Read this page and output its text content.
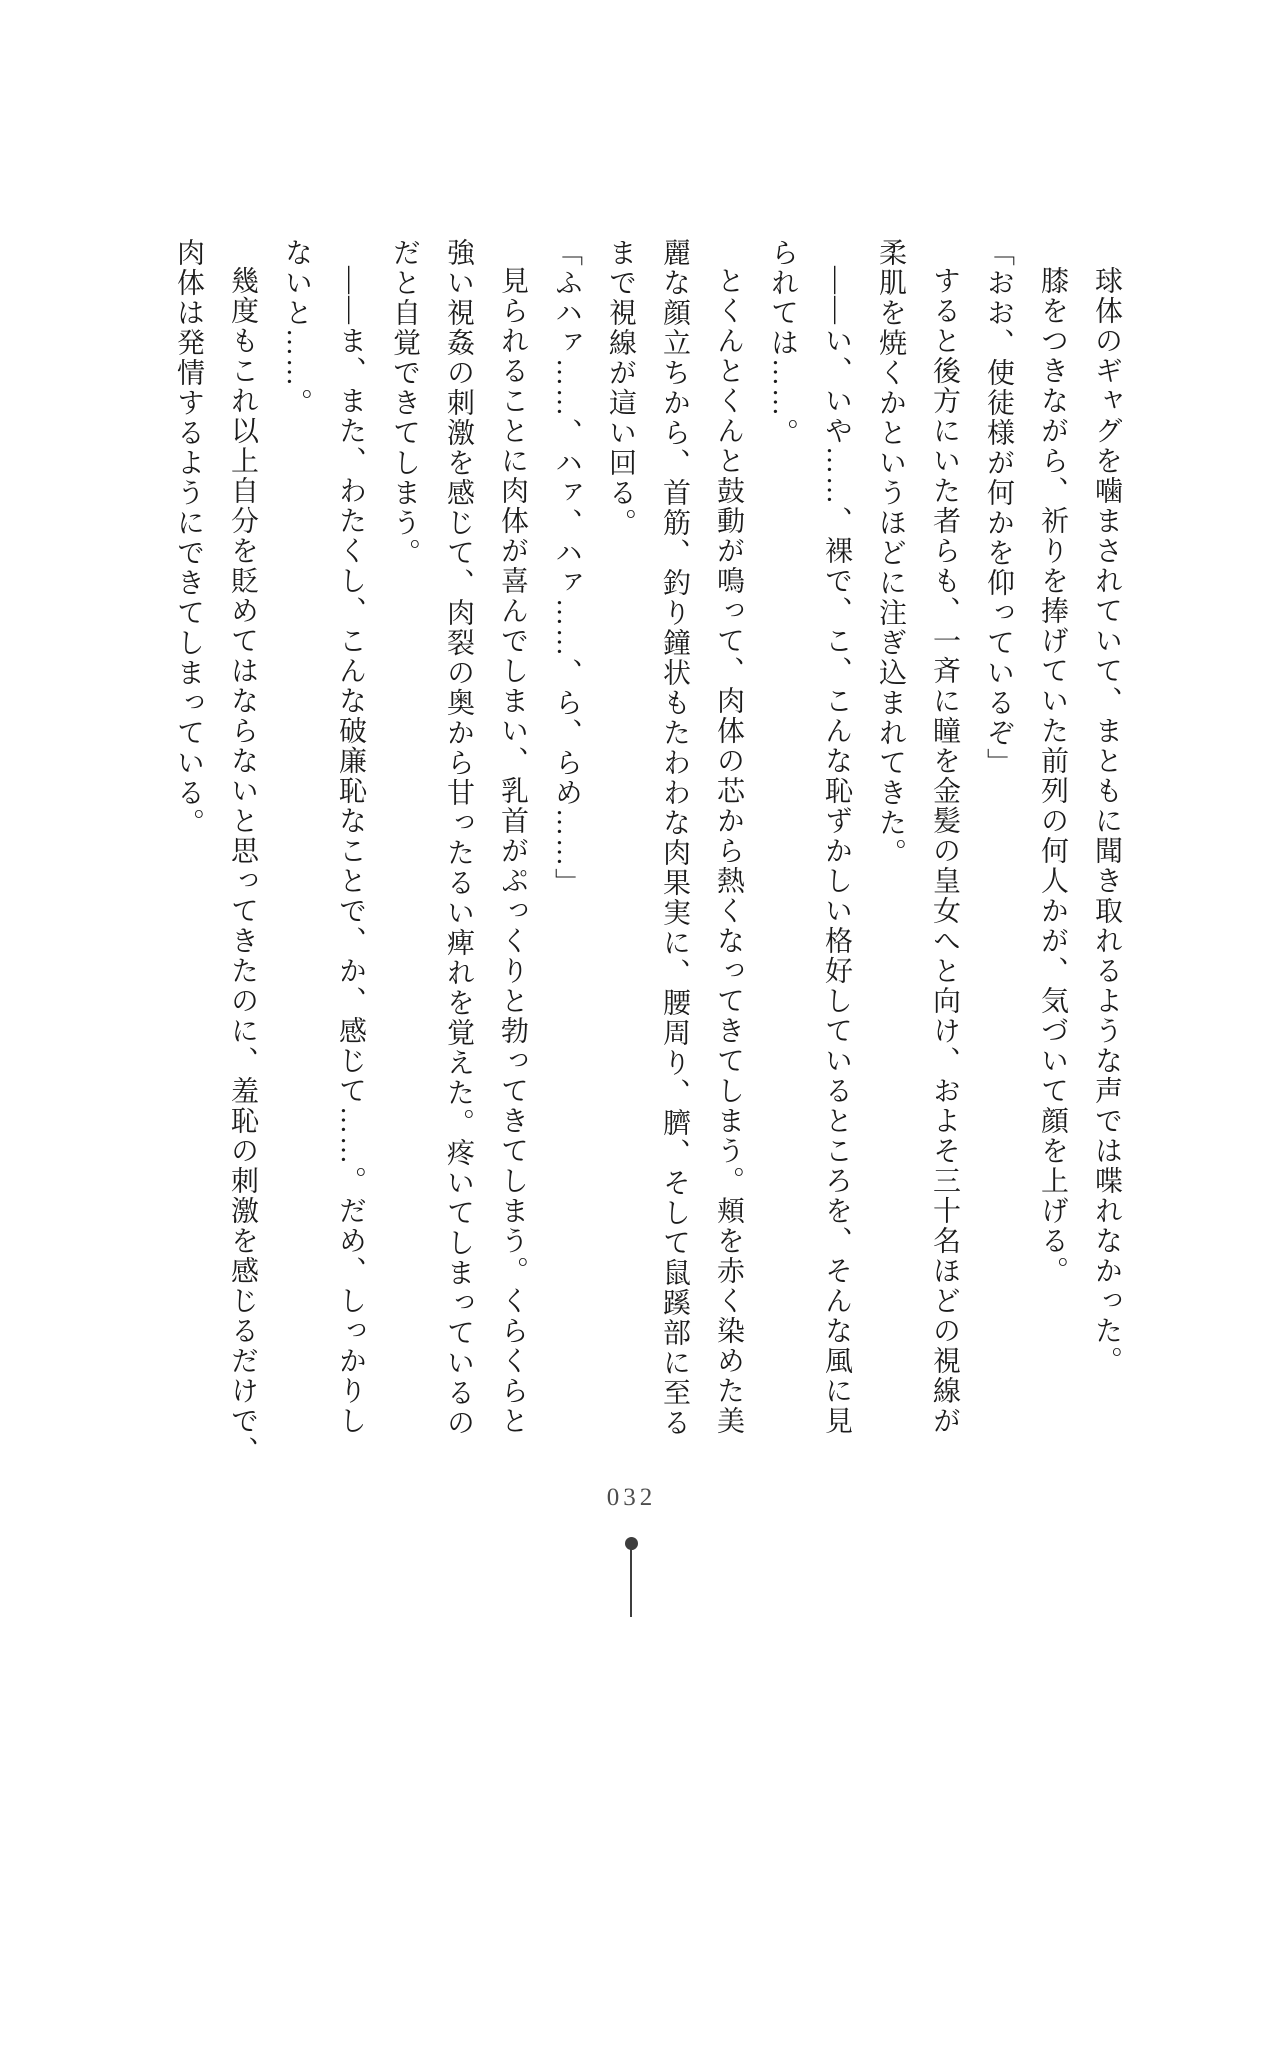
球体のギャグを噛まされていて、まともに聞き取れるような声では喋れなかった。

膝をつきながら、祈りを捧げていた前列の何人かが、気づいて顔を上げる。

「おお、使徒様が何かを仰っているぞ」

すると後方にいた者らも、一斉に瞳を金髪の皇女へと向け、およそ三十名ほどの視線が

柔肌を焼くかというほどに注ぎ込まれてきた。

――い、いや……、裸で、こ、こんな恥ずかしい格好しているところを、そんな風に見

られては……。

とくんとくんと鼓動が鳴って、肉体の芯から熱くなってきてしまう。頬を赤く染めた美

麗な顔立ちから、首筋、釣り鐘状もたわわな肉果実に、腰周り、臍、そして鼠蹊部に至る

まで視線が這い回る。

「ふハァ……、ハァ、ハァ……、ら、らめ……」

見られることに肉体が喜んでしまい、乳首がぷっくりと勃ってきてしまう。くらくらと

強い視姦の刺激を感じて、肉裂の奥から甘ったるい痺れを覚えた。疼いてしまっているの

だと自覚できてしまう。

――ま、また、わたくし、こんな破廉恥なことで、か、感じて……。だめ、しっかりし

ないと……。

幾度もこれ以上自分を貶めてはならないと思ってきたのに、羞恥の刺激を感じるだけで、

肉体は発情するようにできてしまっている。

032
